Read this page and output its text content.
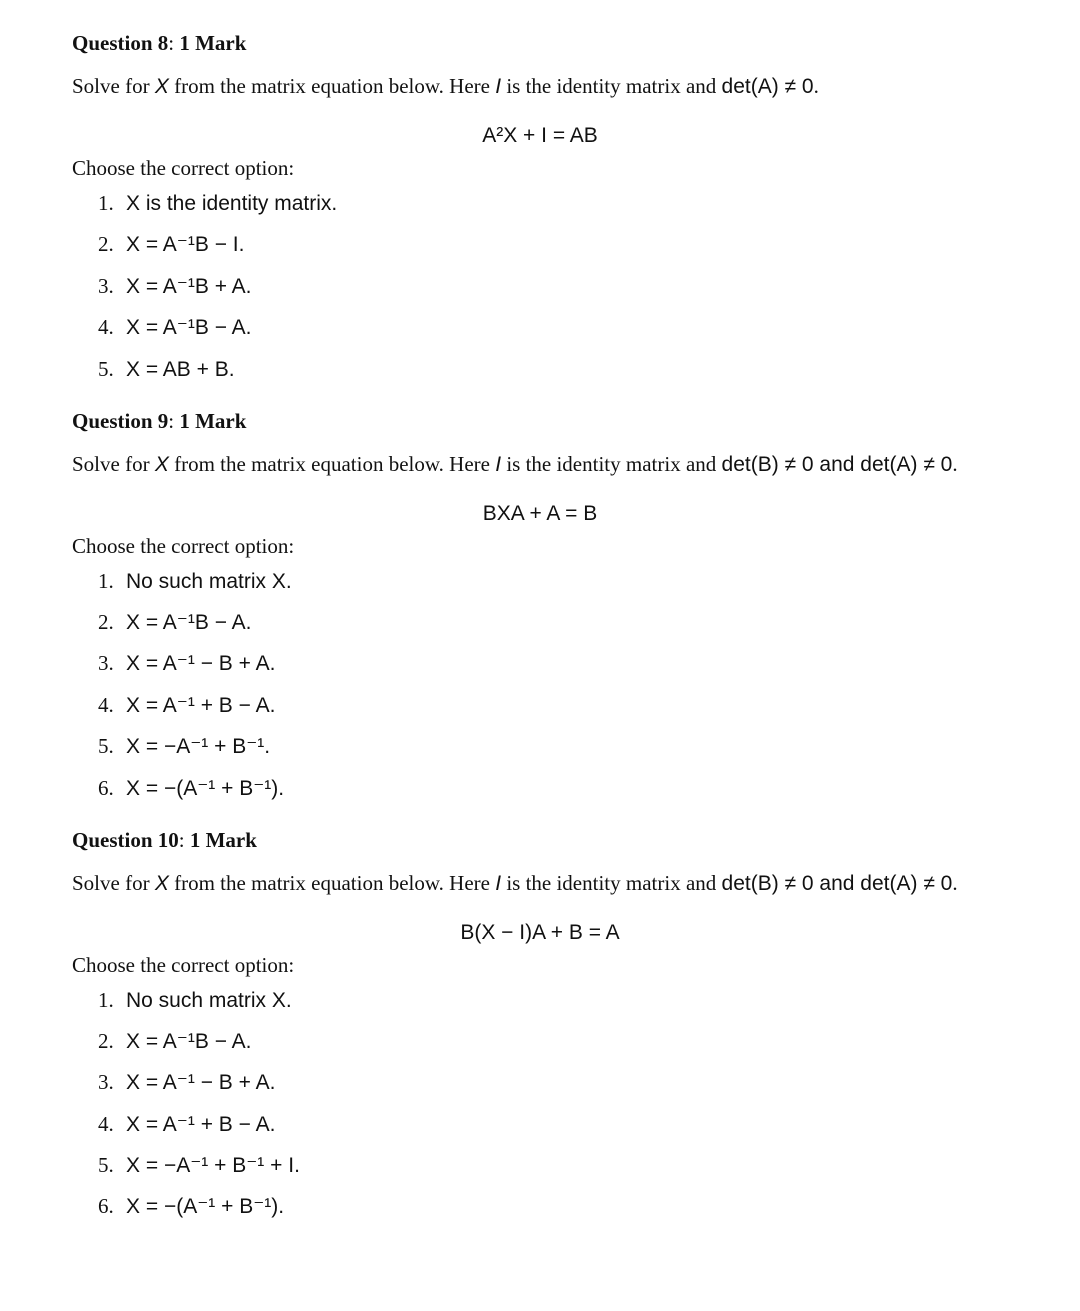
Question 8: 1 Mark

Solve for X from the matrix equation below. Here I is the identity matrix and det(A) ≠ 0.

A²X + I = AB
Choose the correct option:
1. X is the identity matrix.
2. X = A⁻¹B − I.
3. X = A⁻¹B + A.
4. X = A⁻¹B − A.
5. X = AB + B.
Question 9: 1 Mark

Solve for X from the matrix equation below. Here I is the identity matrix and det(B) ≠ 0 and det(A) ≠ 0.

BXA + A = B
Choose the correct option:
1. No such matrix X.
2. X = A⁻¹B − A.
3. X = A⁻¹ − B + A.
4. X = A⁻¹ + B − A.
5. X = −A⁻¹ + B⁻¹.
6. X = −(A⁻¹ + B⁻¹).
Question 10: 1 Mark

Solve for X from the matrix equation below. Here I is the identity matrix and det(B) ≠ 0 and det(A) ≠ 0.

B(X − I)A + B = A
Choose the correct option:
1. No such matrix X.
2. X = A⁻¹B − A.
3. X = A⁻¹ − B + A.
4. X = A⁻¹ + B − A.
5. X = −A⁻¹ + B⁻¹ + I.
6. X = −(A⁻¹ + B⁻¹).
